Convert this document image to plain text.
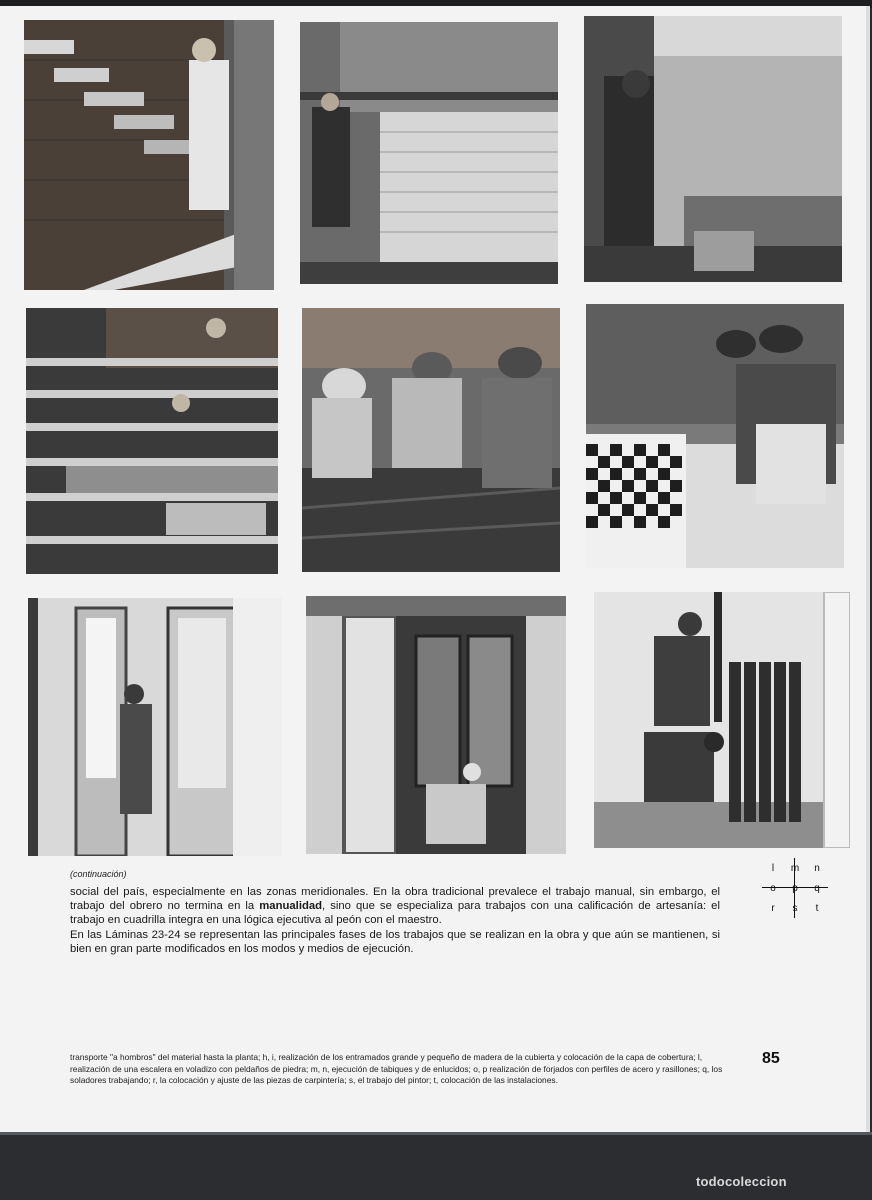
(continuación)

social del país, especialmente en las zonas meridionales. En la obra tradicional prevalece el trabajo manual, sin embargo, el trabajo del obrero no termina en la manualidad, sino que se especializa para trabajos con una calificación de artesanía: el trabajo en cuadrilla integra en una lógica ejecutiva al peón con el maestro.

En las Láminas 23-24 se representan las principales fases de los trabajos que se realizan en la obra y que aún se mantienen, si bien en gran parte modificados en los modos y medios de ejecución.

l	m	n
o	p	q
r	s	t
transporte "a hombros" del material hasta la planta; h, i, realización de los entramados grande y pequeño de madera de la cubierta y colocación de la capa de cobertura; l, realización de una escalera en voladizo con peldaños de piedra; m, n, ejecución de tabiques y de enlucidos; o, p realización de forjados con perfiles de acero y rasillones; q, los soladores trabajando; r, la colocación y ajuste de las piezas de carpintería; s, el trabajo del pintor; t, colocación de las instalaciones.
85
todocoleccion
